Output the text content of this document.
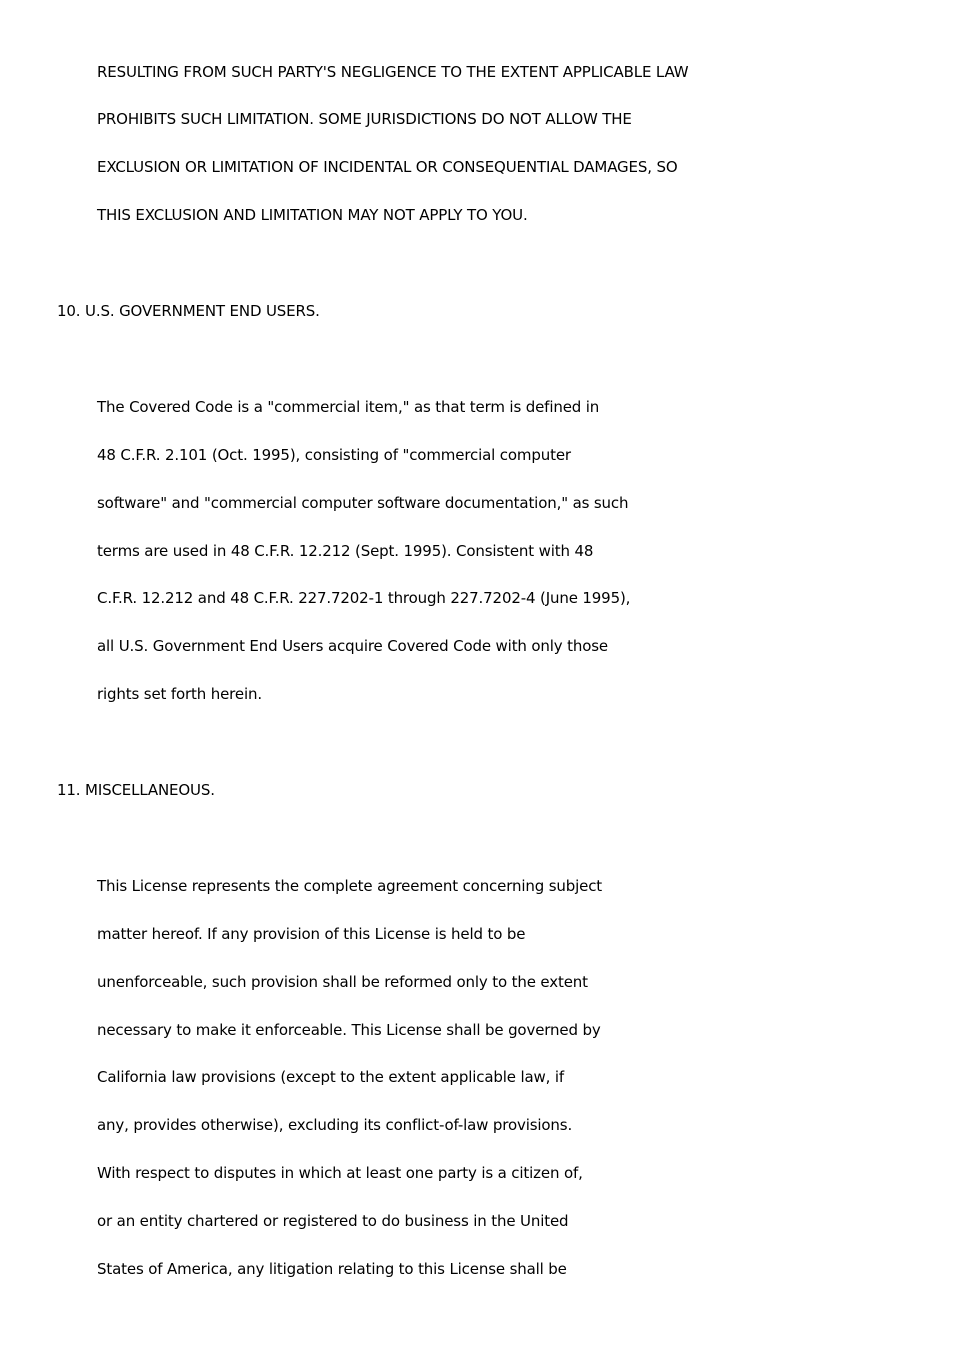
RESULTING FROM SUCH PARTY'S NEGLIGENCE TO THE EXTENT APPLICABLE LAW
PROHIBITS SUCH LIMITATION. SOME JURISDICTIONS DO NOT ALLOW THE
EXCLUSION OR LIMITATION OF INCIDENTAL OR CONSEQUENTIAL DAMAGES, SO
THIS EXCLUSION AND LIMITATION MAY NOT APPLY TO YOU.
10. U.S. GOVERNMENT END USERS.
The Covered Code is a "commercial item," as that term is defined in
48 C.F.R. 2.101 (Oct. 1995), consisting of "commercial computer
software" and "commercial computer software documentation," as such
terms are used in 48 C.F.R. 12.212 (Sept. 1995). Consistent with 48
C.F.R. 12.212 and 48 C.F.R. 227.7202-1 through 227.7202-4 (June 1995),
all U.S. Government End Users acquire Covered Code with only those
rights set forth herein.
11. MISCELLANEOUS.
This License represents the complete agreement concerning subject
matter hereof. If any provision of this License is held to be
unenforceable, such provision shall be reformed only to the extent
necessary to make it enforceable. This License shall be governed by
California law provisions (except to the extent applicable law, if
any, provides otherwise), excluding its conflict-of-law provisions.
With respect to disputes in which at least one party is a citizen of,
or an entity chartered or registered to do business in the United
States of America, any litigation relating to this License shall be
